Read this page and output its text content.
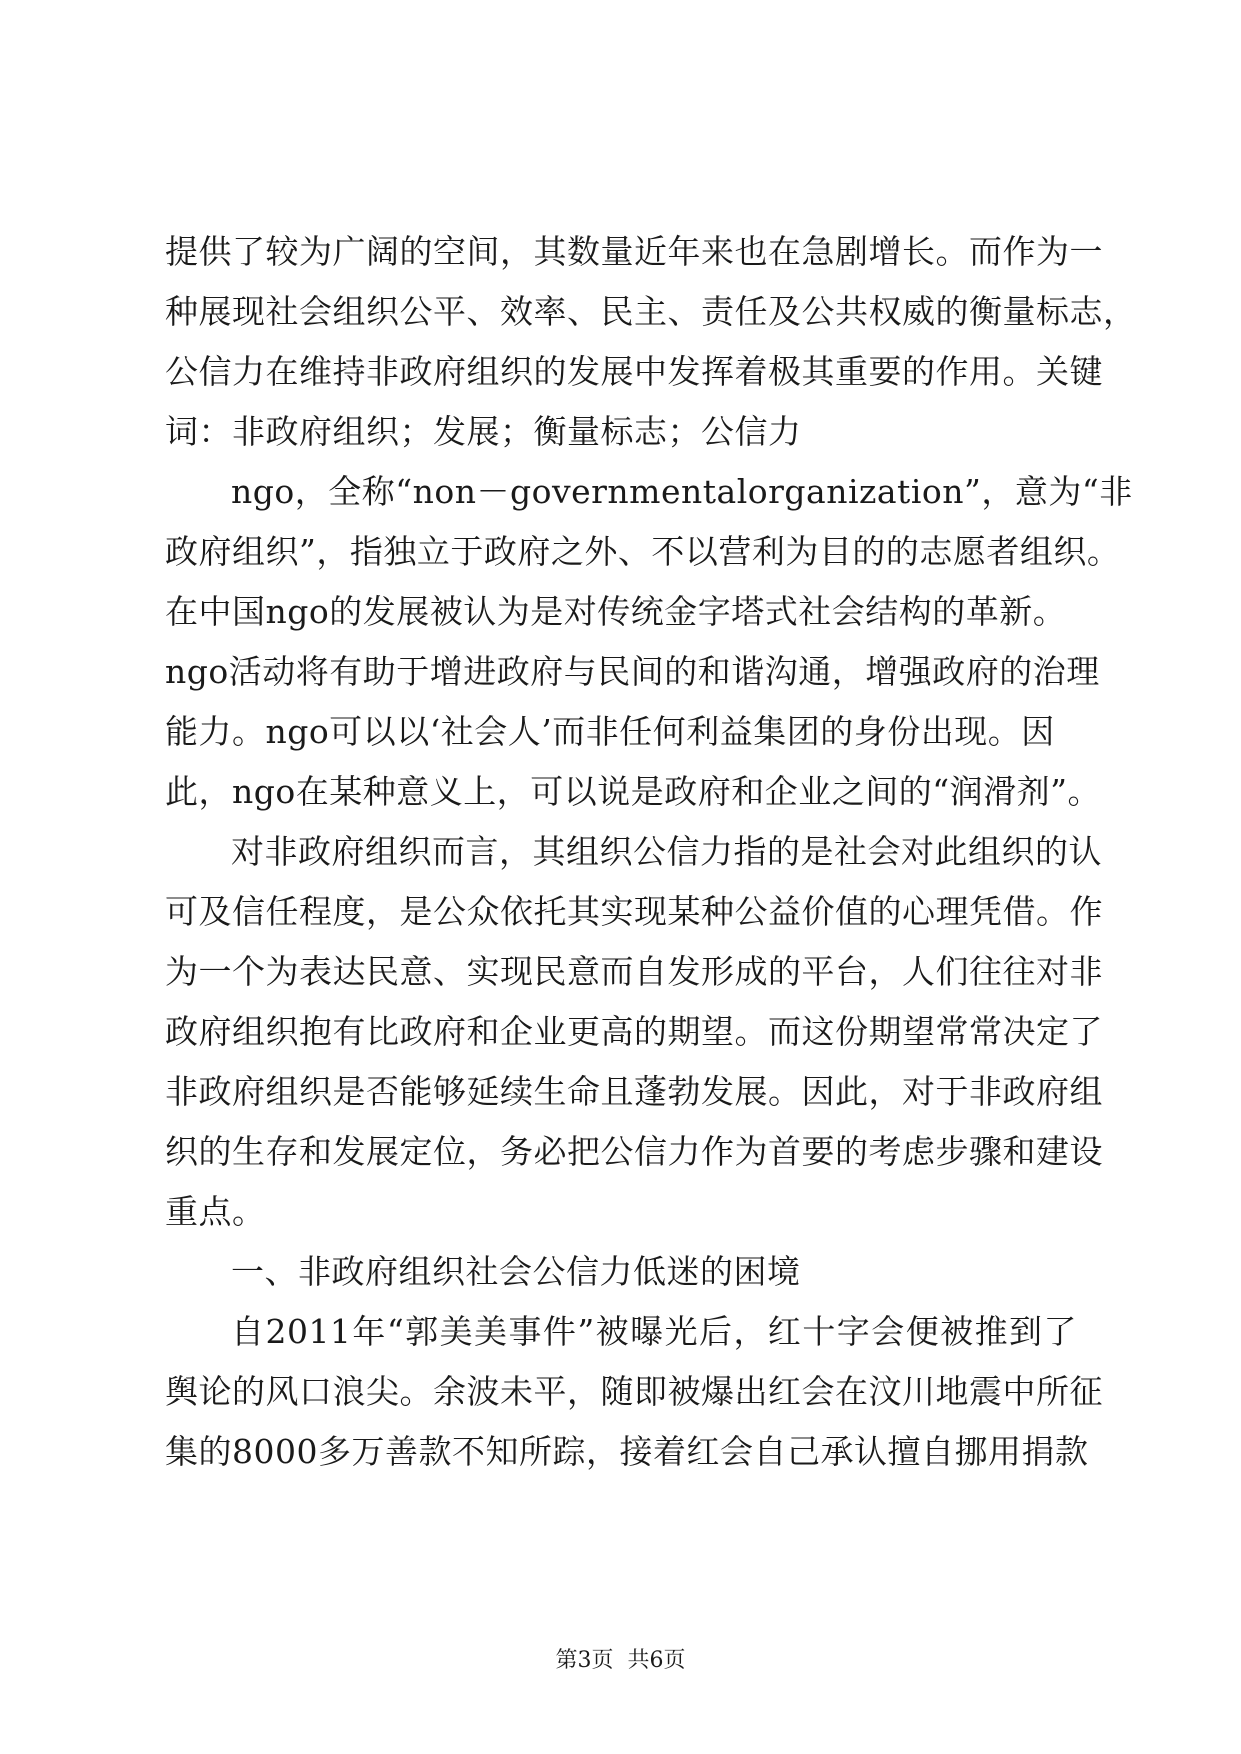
提供了较为广阔的空间，其数量近年来也在急剧增长。而作为一
种展现社会组织公平、效率、民主、责任及公共权威的衡量标志，
公信力在维持非政府组织的发展中发挥着极其重要的作用。关键
词：非政府组织；发展；衡量标志；公信力
ngo，全称“non－governmentalorganization”，意为“非
政府组织”，指独立于政府之外、不以营利为目的的志愿者组织。
在中国ngo的发展被认为是对传统金字塔式社会结构的革新。
ngo活动将有助于增进政府与民间的和谐沟通，增强政府的治理
能力。ngo可以以‘社会人’而非任何利益集团的身份出现。因
此，ngo在某种意义上，可以说是政府和企业之间的“润滑剂”。
对非政府组织而言，其组织公信力指的是社会对此组织的认
可及信任程度，是公众依托其实现某种公益价值的心理凭借。作
为一个为表达民意、实现民意而自发形成的平台，人们往往对非
政府组织抱有比政府和企业更高的期望。而这份期望常常决定了
非政府组织是否能够延续生命且蓬勃发展。因此，对于非政府组
织的生存和发展定位，务必把公信力作为首要的考虑步骤和建设
重点。
一、非政府组织社会公信力低迷的困境
自2011年“郭美美事件”被曝光后，红十字会便被推到了
舆论的风口浪尖。余波未平，随即被爆出红会在汶川地震中所征
集的8000多万善款不知所踪，接着红会自己承认擅自挪用捐款
第3页 共6页
